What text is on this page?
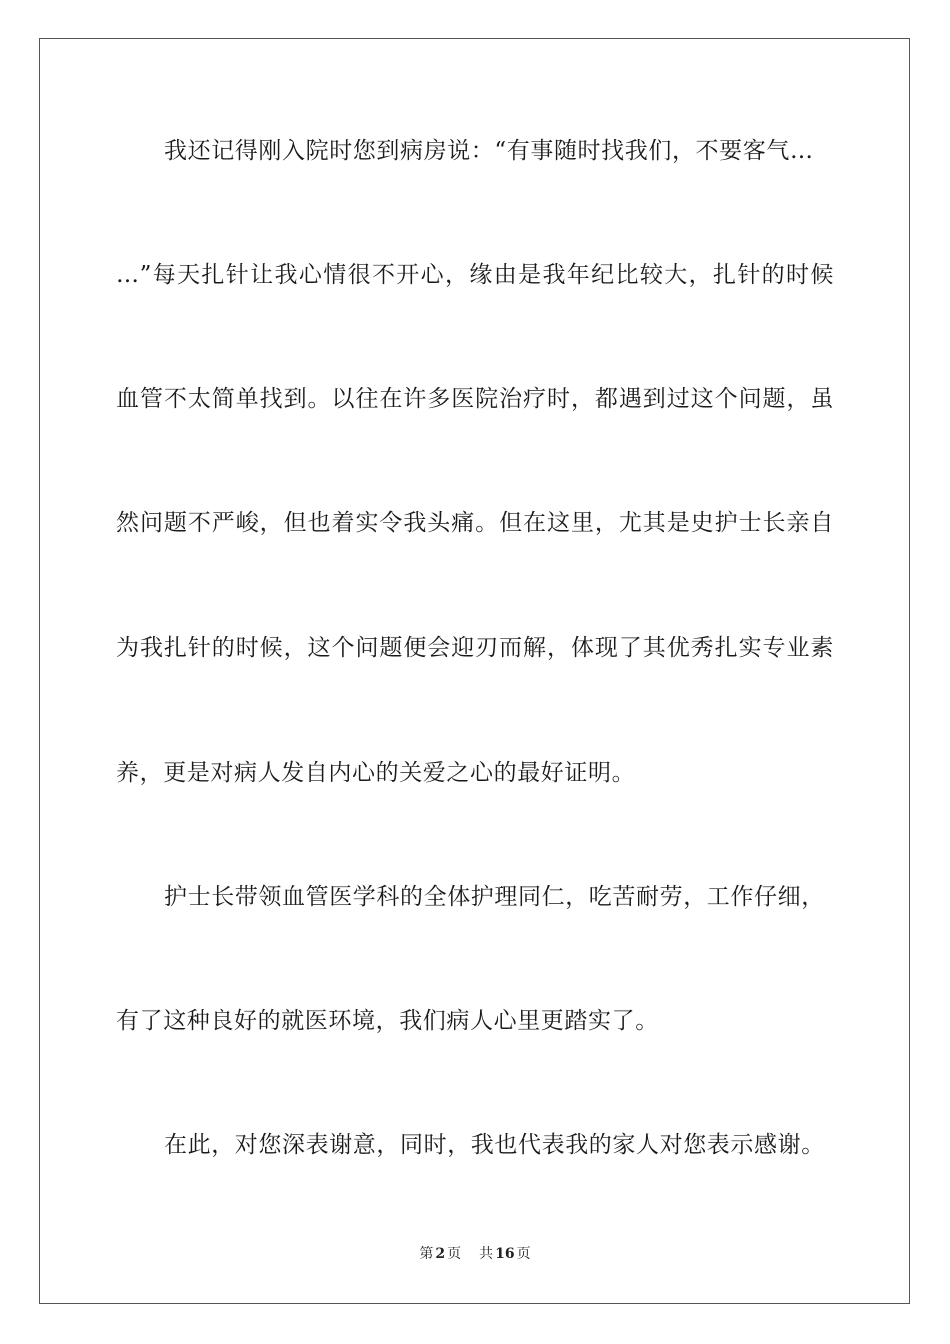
我还记得刚入院时您到病房说：“有事随时找我们，不要客气…
…”每天扎针让我心情很不开心，缘由是我年纪比较大，扎针的时候
血管不太简单找到。以往在许多医院治疗时，都遇到过这个问题，虽
然问题不严峻，但也着实令我头痛。但在这里，尤其是史护士长亲自
为我扎针的时候，这个问题便会迎刃而解，体现了其优秀扎实专业素
养，更是对病人发自内心的关爱之心的最好证明。
护士长带领血管医学科的全体护理同仁，吃苦耐劳，工作仔细，
有了这种良好的就医环境，我们病人心里更踏实了。
在此，对您深表谢意，同时，我也代表我的家人对您表示感谢。
第 2 页 共 16 页
